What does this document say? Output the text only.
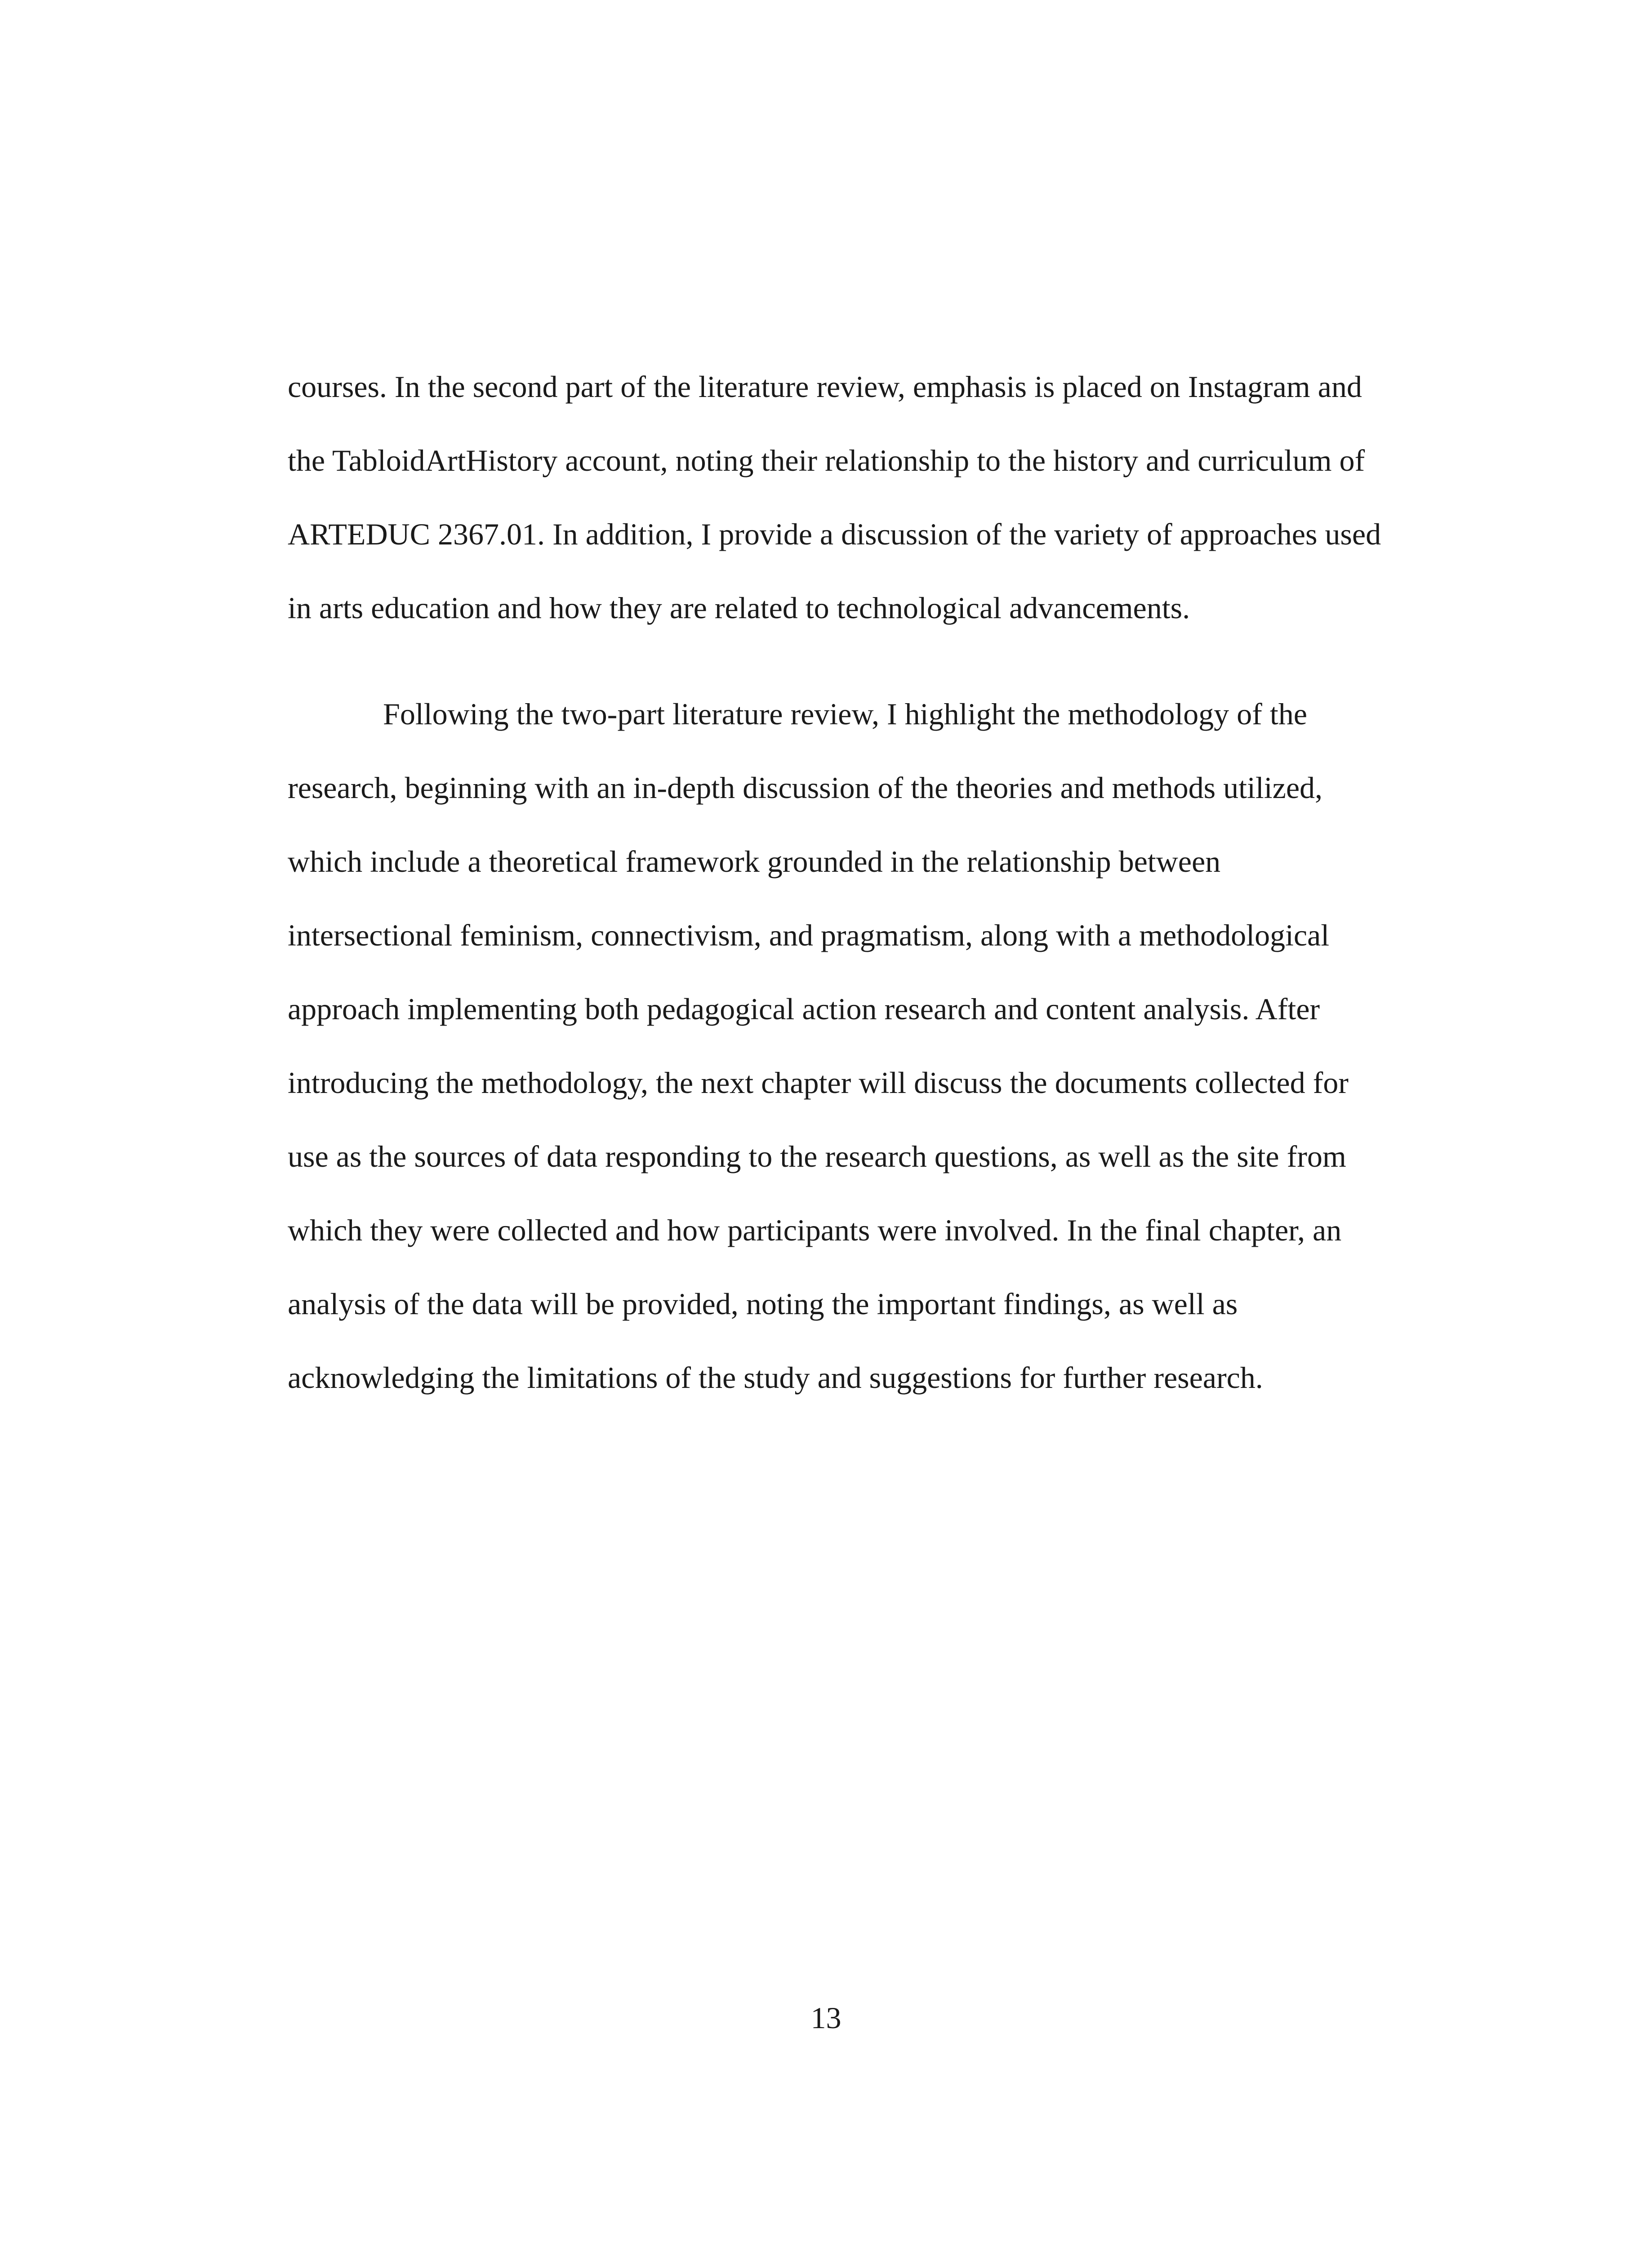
courses. In the second part of the literature review, emphasis is placed on Instagram and
the TabloidArtHistory account, noting their relationship to the history and curriculum of
ARTEDUC 2367.01. In addition, I provide a discussion of the variety of approaches used
in arts education and how they are related to technological advancements.
Following the two-part literature review, I highlight the methodology of the
research, beginning with an in-depth discussion of the theories and methods utilized,
which include a theoretical framework grounded in the relationship between
intersectional feminism, connectivism, and pragmatism, along with a methodological
approach implementing both pedagogical action research and content analysis. After
introducing the methodology, the next chapter will discuss the documents collected for
use as the sources of data responding to the research questions, as well as the site from
which they were collected and how participants were involved. In the final chapter, an
analysis of the data will be provided, noting the important findings, as well as
acknowledging the limitations of the study and suggestions for further research.
13
